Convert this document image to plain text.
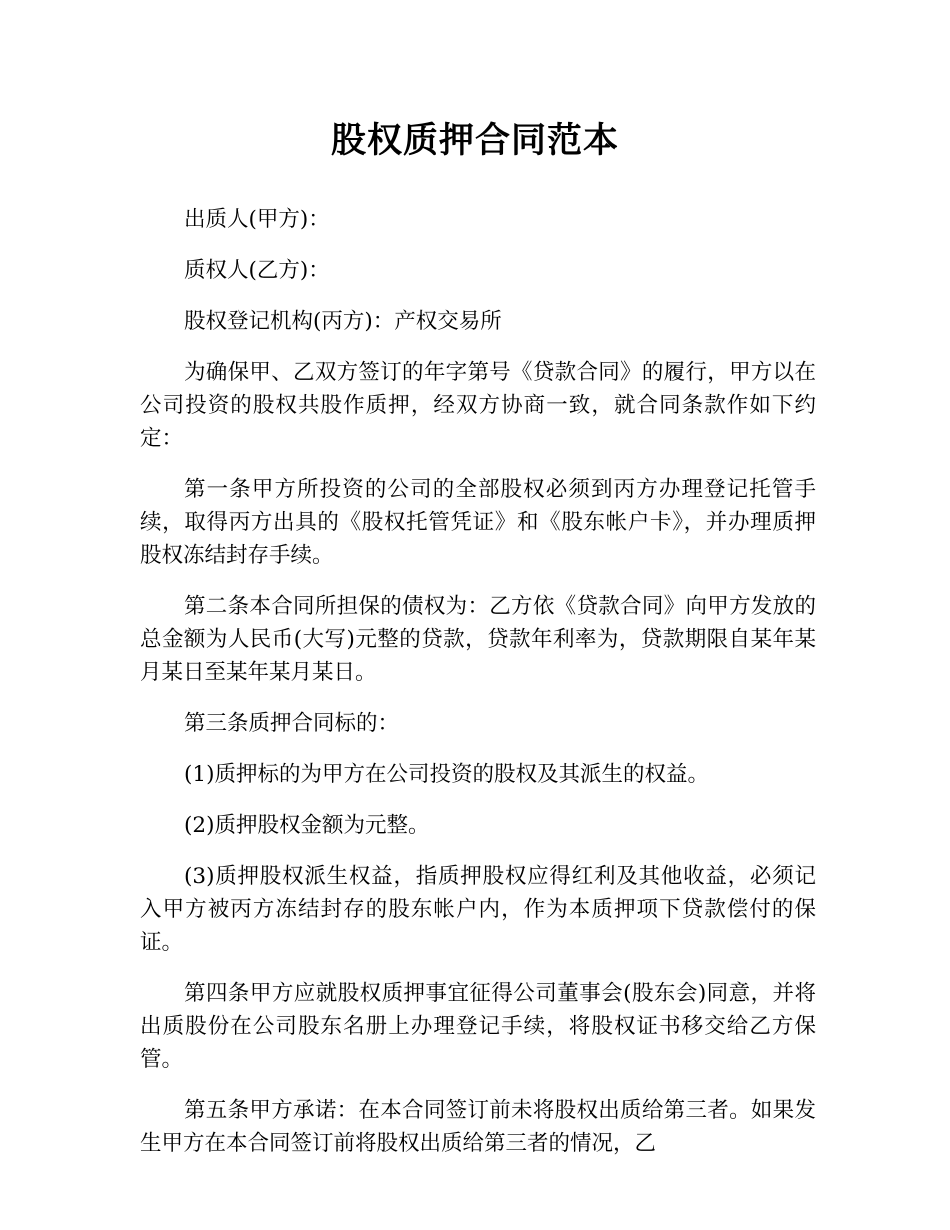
股权质押合同范本

出质人(甲方)：

质权人(乙方)：

股权登记机构(丙方)：产权交易所

为确保甲、乙双方签订的年字第号《贷款合同》的履行，甲方以在公司投资的股权共股作质押，经双方协商一致，就合同条款作如下约定：

第一条甲方所投资的公司的全部股权必须到丙方办理登记托管手续，取得丙方出具的《股权托管凭证》和《股东帐户卡》，并办理质押股权冻结封存手续。

第二条本合同所担保的债权为：乙方依《贷款合同》向甲方发放的总金额为人民币(大写)元整的贷款，贷款年利率为，贷款期限自某年某月某日至某年某月某日。

第三条质押合同标的：

(1)质押标的为甲方在公司投资的股权及其派生的权益。

(2)质押股权金额为元整。

(3)质押股权派生权益，指质押股权应得红利及其他收益，必须记入甲方被丙方冻结封存的股东帐户内，作为本质押项下贷款偿付的保证。

第四条甲方应就股权质押事宜征得公司董事会(股东会)同意，并将出质股份在公司股东名册上办理登记手续，将股权证书移交给乙方保管。

第五条甲方承诺：在本合同签订前未将股权出质给第三者。如果发生甲方在本合同签订前将股权出质给第三者的情况，乙
